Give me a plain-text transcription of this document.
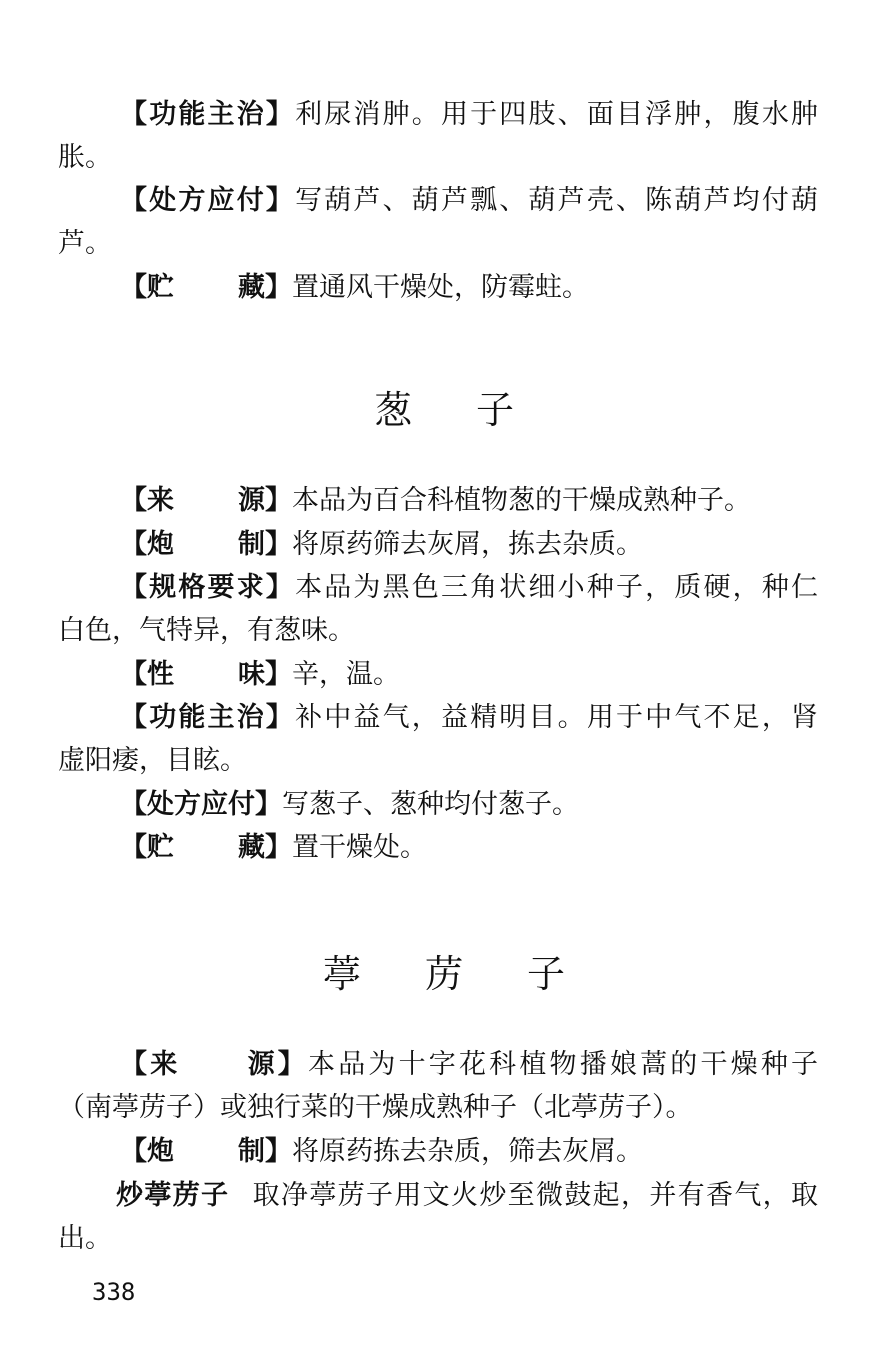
【功能主治】利尿消肿。用于四肢、面目浮肿，腹水肿
胀。
【处方应付】写葫芦、葫芦瓢、葫芦壳、陈葫芦均付葫
芦。
【贮 藏】置通风干燥处，防霉蛀。
葱 子
【来 源】本品为百合科植物葱的干燥成熟种子。
【炮 制】将原药筛去灰屑，拣去杂质。
【规格要求】本品为黑色三角状细小种子，质硬，种仁
白色，气特异，有葱味。
【性 味】辛，温。
【功能主治】补中益气，益精明目。用于中气不足，肾
虚阳痿，目眩。
【处方应付】写葱子、葱种均付葱子。
【贮 藏】置干燥处。
葶 苈 子
【来 源】本品为十字花科植物播娘蒿的干燥种子
（南葶苈子）或独行菜的干燥成熟种子（北葶苈子）。
【炮 制】将原药拣去杂质，筛去灰屑。
炒葶苈子 取净葶苈子用文火炒至微鼓起，并有香气，取
出。
338
